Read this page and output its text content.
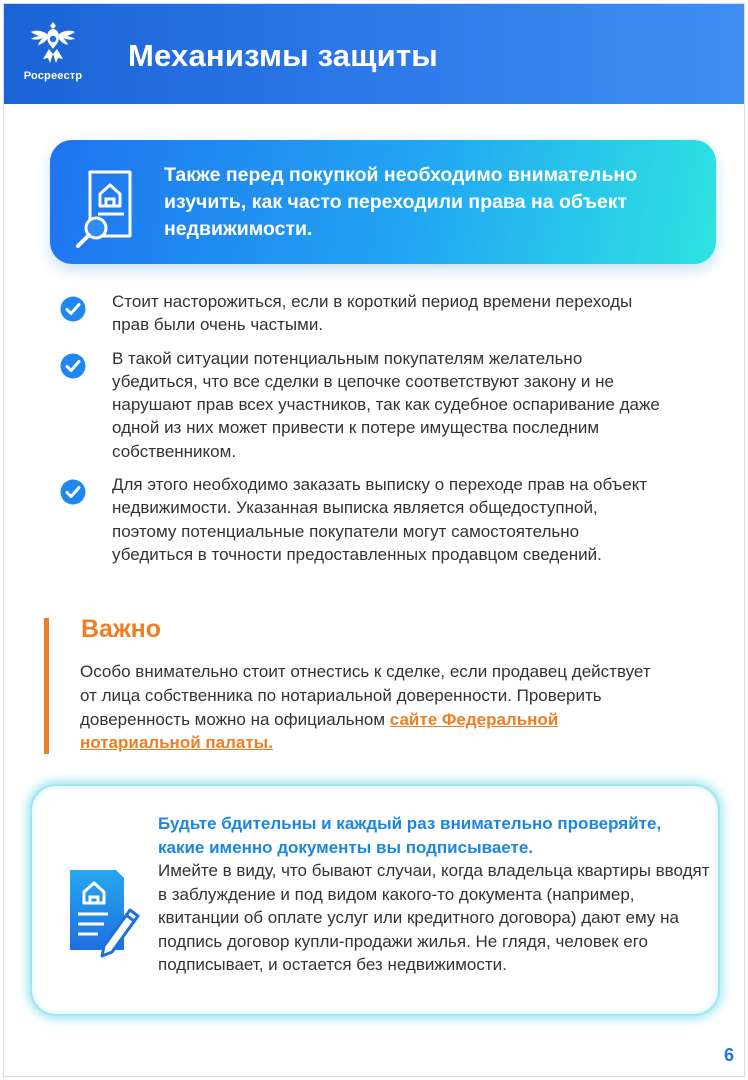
Росреестр
Механизмы защиты

Также перед покупкой необходимо внимательно изучить, как часто переходили права на объект недвижимости.

Стоит насторожиться, если в короткий период времени переходы прав были очень частыми.
В такой ситуации потенциальным покупателям желательно убедиться, что все сделки в цепочке соответствуют закону и не нарушают прав всех участников, так как судебное оспаривание даже одной из них может привести к потере имущества последним собственником.
Для этого необходимо заказать выписку о переходе прав на объект недвижимости. Указанная выписка является общедоступной, поэтому потенциальные покупатели могут самостоятельно убедиться в точности предоставленных продавцом сведений.
Важно

Особо внимательно стоит отнестись к сделке, если продавец действует от лица собственника по нотариальной доверенности. Проверить доверенность можно на официальном сайте Федеральной нотариальной палаты.

Будьте бдительны и каждый раз внимательно проверяйте, какие именно документы вы подписываете.
Имейте в виду, что бывают случаи, когда владельца квартиры вводят в заблуждение и под видом какого-то документа (например, квитанции об оплате услуг или кредитного договора) дают ему на подпись договор купли-продажи жилья. Не глядя, человек его подписывает, и остается без недвижимости.

6
